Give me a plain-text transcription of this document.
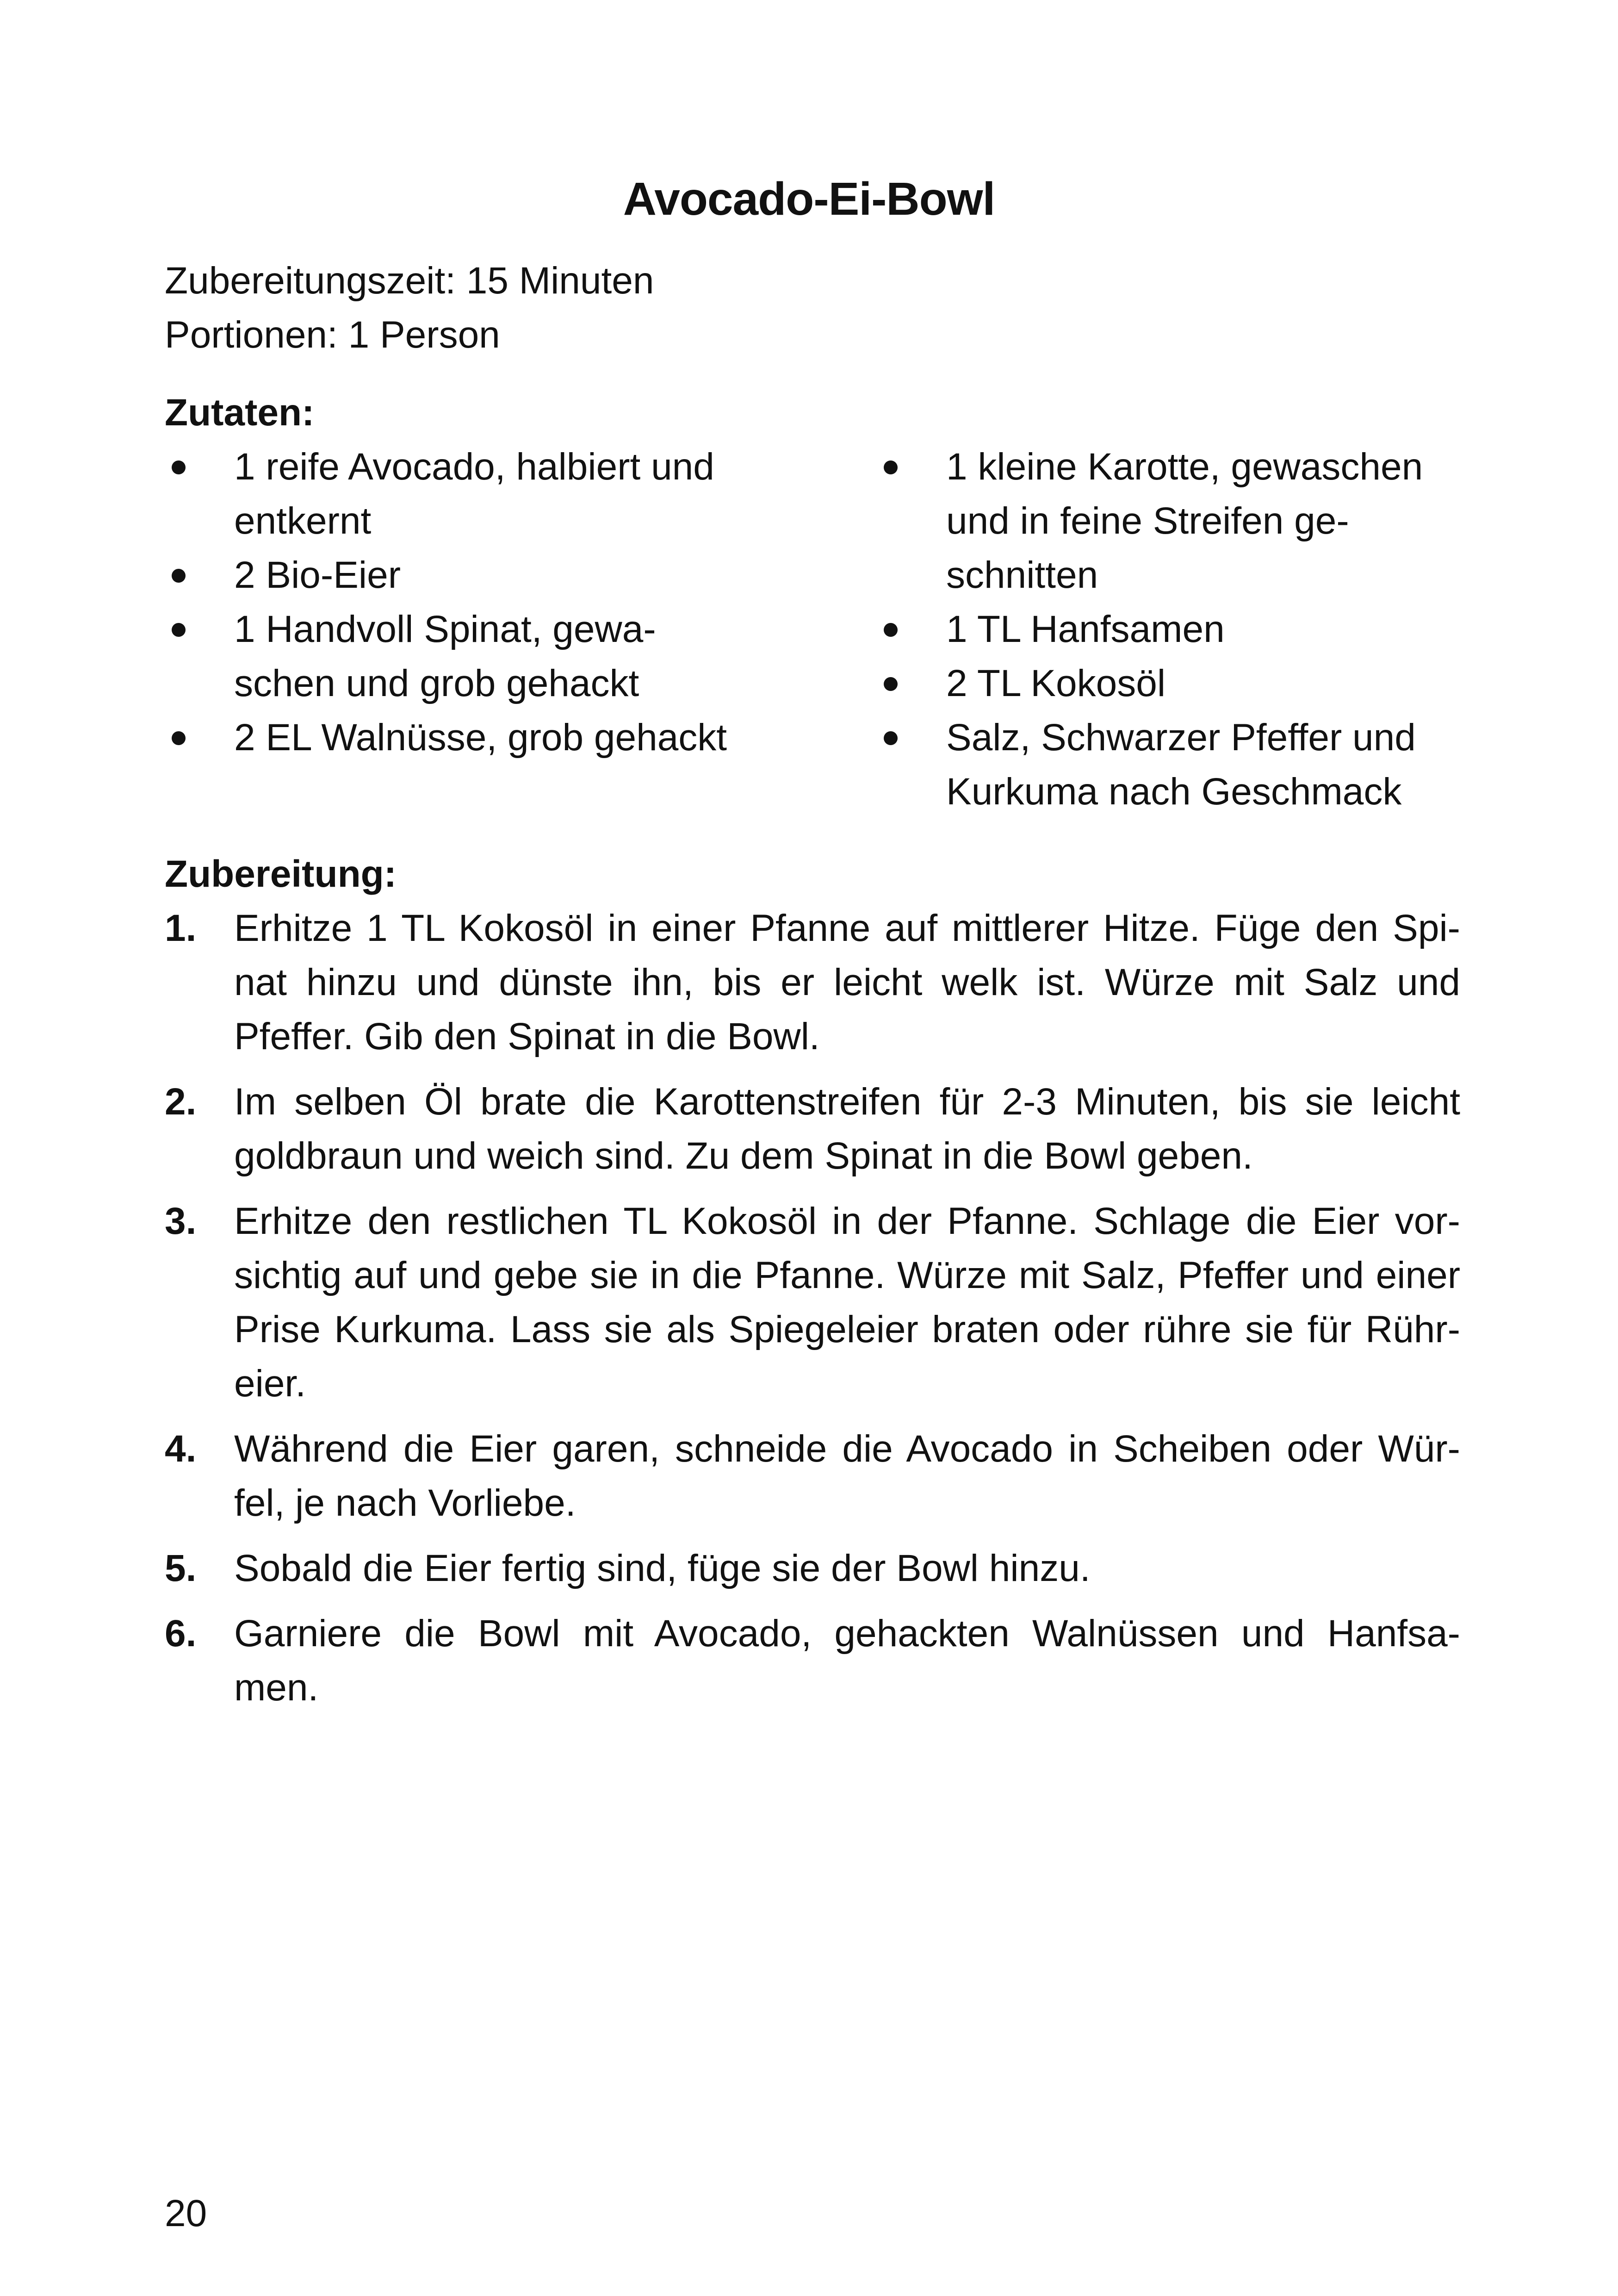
Avocado-Ei-Bowl
Zubereitungszeit: 15 Minuten
Portionen: 1 Person
Zutaten:
1 reife Avocado, halbiert und
entkernt
2 Bio-Eier
1 Handvoll Spinat, gewa-
schen und grob gehackt
2 EL Walnüsse, grob gehackt
1 kleine Karotte, gewaschen
und in feine Streifen ge-
schnitten
1 TL Hanfsamen
2 TL Kokosöl
Salz, Schwarzer Pfeffer und
Kurkuma nach Geschmack
Zubereitung:
1. Erhitze 1 TL Kokosöl in einer Pfanne auf mittlerer Hitze. Füge den Spi-
nat hinzu und dünste ihn, bis er leicht welk ist. Würze mit Salz und
Pfeffer. Gib den Spinat in die Bowl.
2. Im selben Öl brate die Karottenstreifen für 2-3 Minuten, bis sie leicht
goldbraun und weich sind. Zu dem Spinat in die Bowl geben.
3. Erhitze den restlichen TL Kokosöl in der Pfanne. Schlage die Eier vor-
sichtig auf und gebe sie in die Pfanne. Würze mit Salz, Pfeffer und einer
Prise Kurkuma. Lass sie als Spiegeleier braten oder rühre sie für Rühr-
eier.
4. Während die Eier garen, schneide die Avocado in Scheiben oder Wür-
fel, je nach Vorliebe.
5. Sobald die Eier fertig sind, füge sie der Bowl hinzu.
6. Garniere die Bowl mit Avocado, gehackten Walnüssen und Hanfsa-
men.
20
